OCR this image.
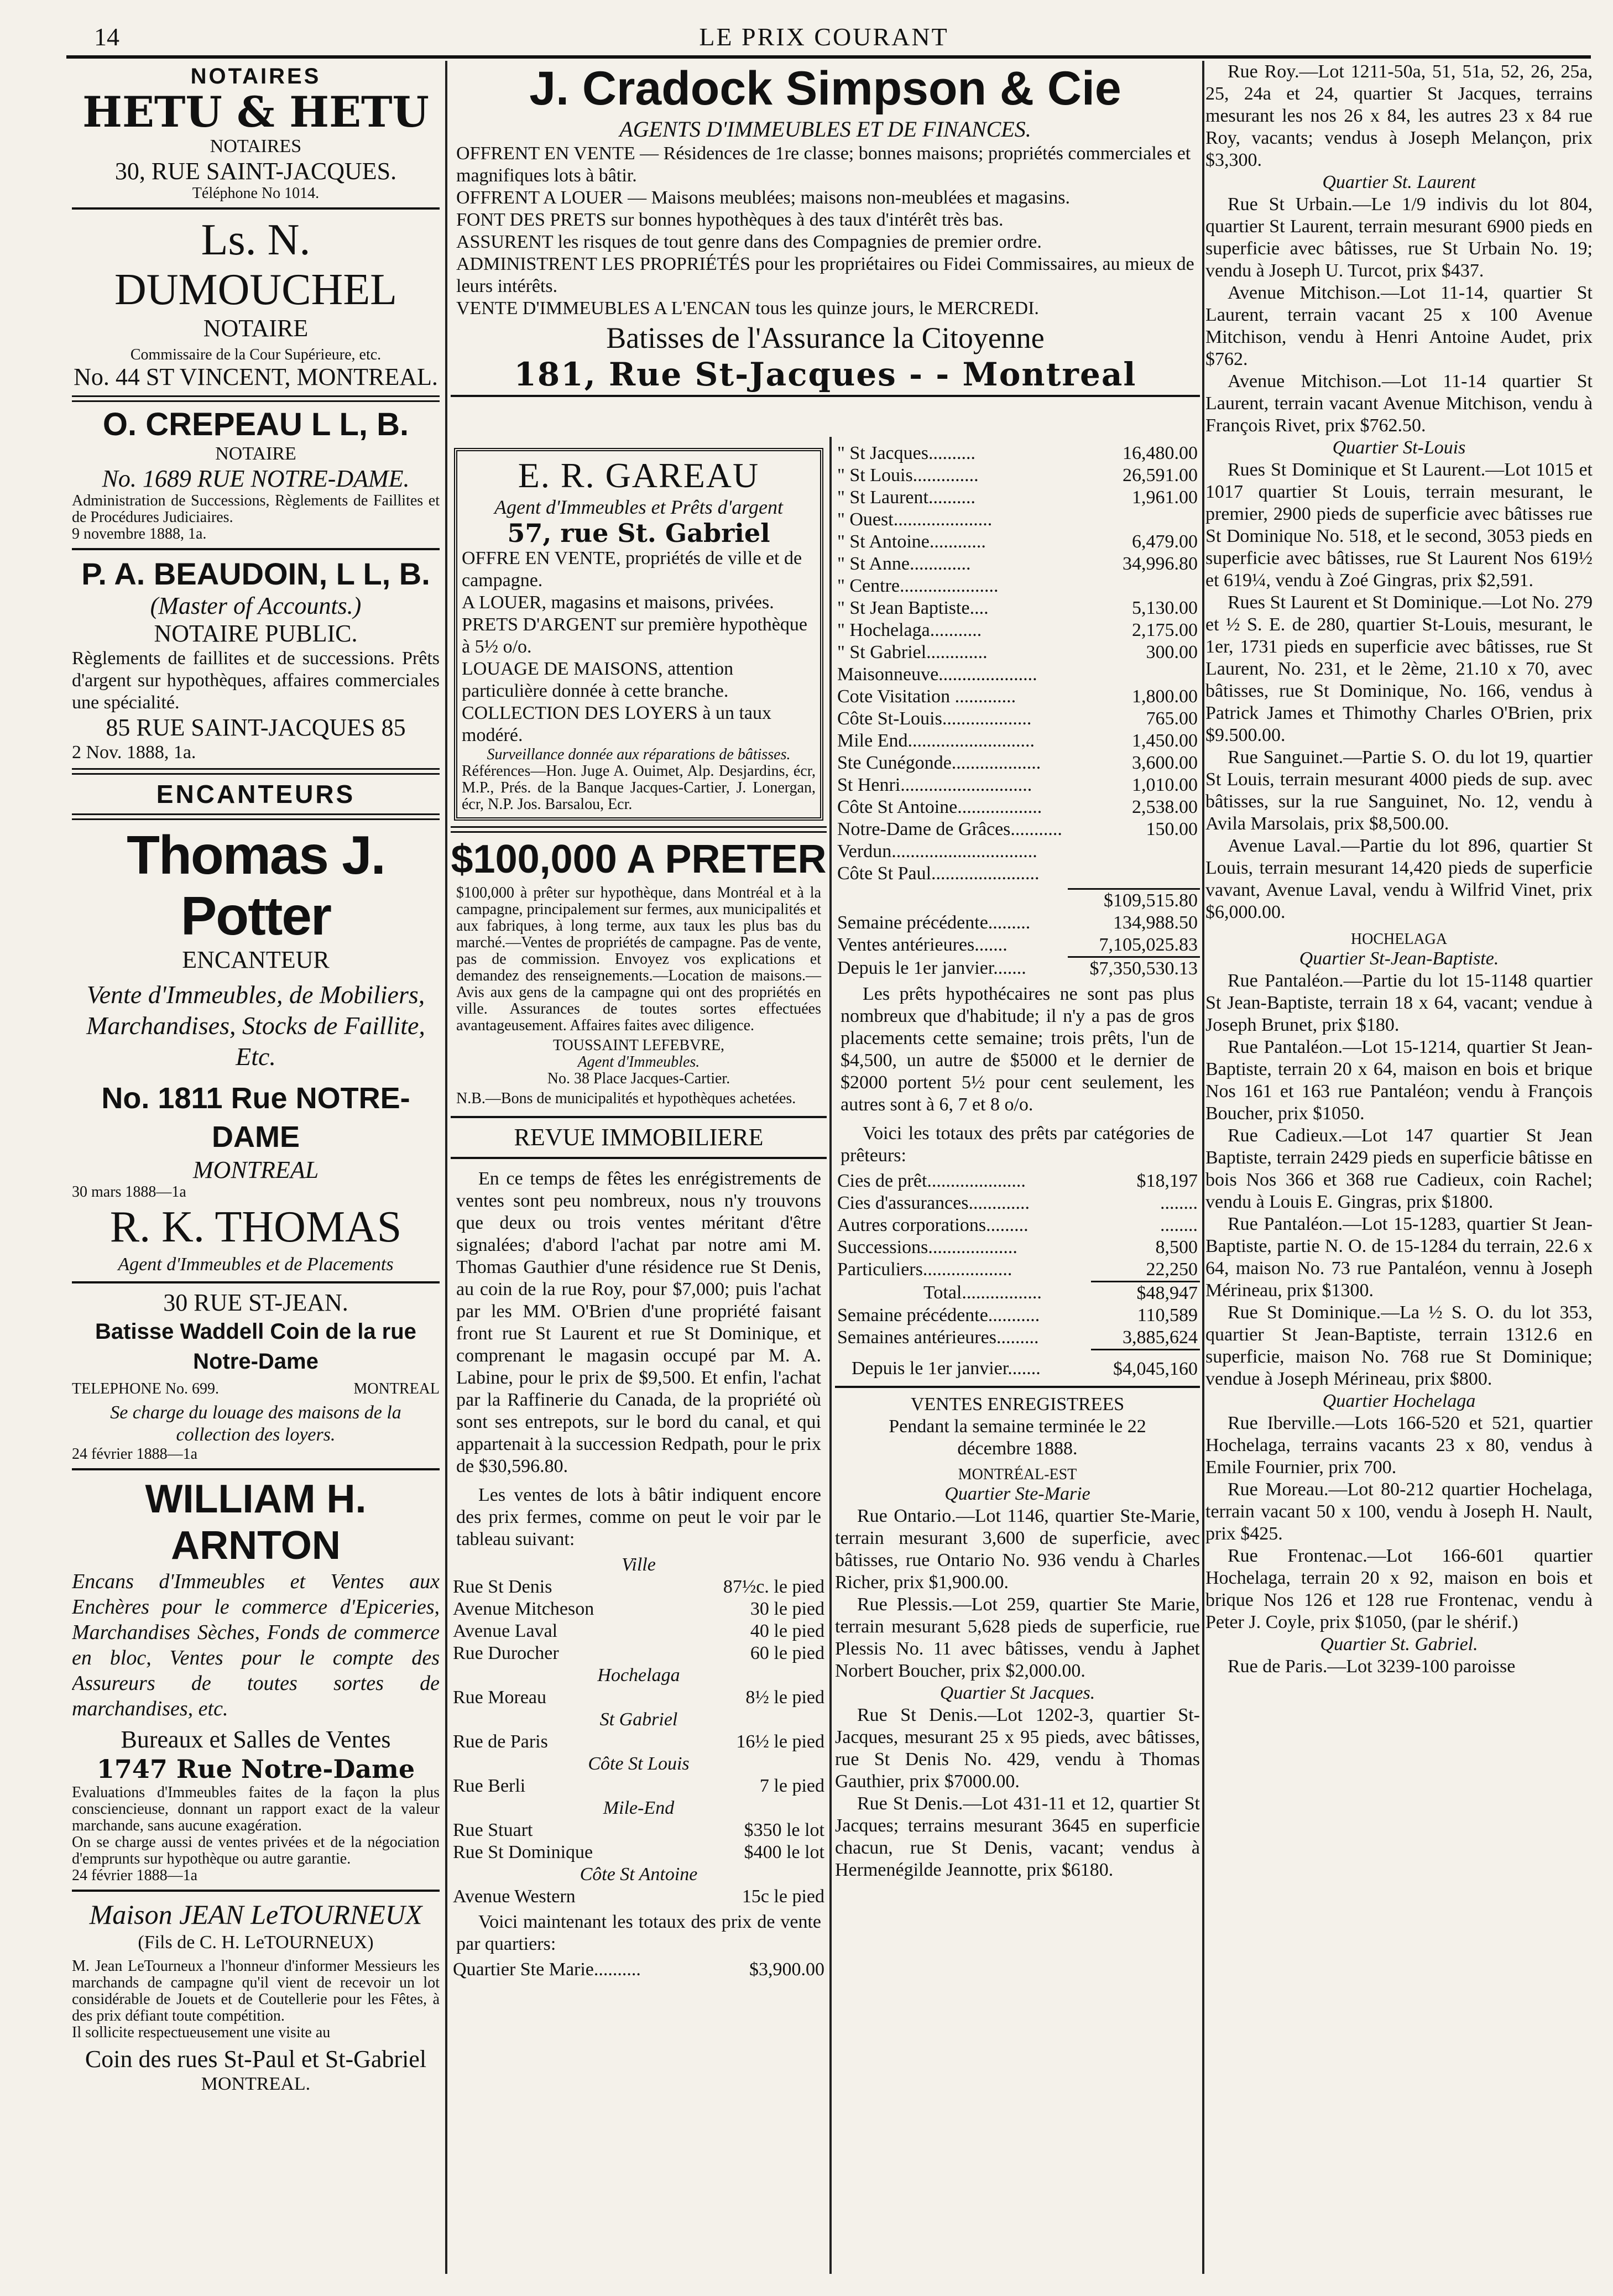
14	LE PRIX COURANT
NOTAIRES
HETU & HETU
NOTAIRES
30, RUE SAINT-JACQUES.
Téléphone No 1014.
Ls. N. DUMOUCHEL
NOTAIRE
Commissaire de la Cour Supérieure, etc.
No. 44 ST VINCENT, MONTREAL.
O. CREPEAU L L, B.
NOTAIRE
No. 1689 RUE NOTRE-DAME.
Administration de Successions, Règlements de Faillites et de Procédures Judiciaires.
9 novembre 1888, 1a.
P. A. BEAUDOIN, L L, B.
(Master of Accounts.)
NOTAIRE PUBLIC.
Règlements de faillites et de successions. Prêts d'argent sur hypothèques, affaires commerciales une spécialité.
85 RUE SAINT-JACQUES 85
2 Nov. 1888, 1a.
ENCANTEURS
Thomas J. Potter
ENCANTEUR
Vente d'Immeubles, de Mobiliers, Marchandises, Stocks de Faillite, Etc.
No. 1811 Rue NOTRE-DAME
MONTREAL
30 mars 1888—1a
R. K. THOMAS
Agent d'Immeubles et de Placements
30 RUE ST-JEAN.
Batisse Waddell Coin de la rue Notre-Dame
TELEPHONE No. 699.	MONTREAL
Se charge du louage des maisons de la collection des loyers.
24 février 1888—1a
WILLIAM H. ARNTON
Encans d'Immeubles et Ventes aux Enchères pour le commerce d'Epiceries, Marchandises Sèches, Fonds de commerce en bloc, Ventes pour le compte des Assureurs de toutes sortes de marchandises, etc.
Bureaux et Salles de Ventes
1747 Rue Notre-Dame
Evaluations d'Immeubles faites de la façon la plus consciencieuse, donnant un rapport exact de la valeur marchande, sans aucune exagération.
On se charge aussi de ventes privées et de la négociation d'emprunts sur hypothèque ou autre garantie.
24 février 1888—1a
Maison JEAN LeTOURNEUX
(Fils de C. H. LeTOURNEUX)
M. Jean LeTourneux a l'honneur d'informer Messieurs les marchands de campagne qu'il vient de recevoir un lot considérable de Jouets et de Coutellerie pour les Fêtes, à des prix défiant toute compétition.
Il sollicite respectueusement une visite au
Coin des rues St-Paul et St-Gabriel
MONTREAL.
J. Cradock Simpson & Cie
AGENTS D'IMMEUBLES ET DE FINANCES.
OFFRENT EN VENTE — Résidences de 1re classe; bonnes maisons; propriétés commerciales et magnifiques lots à bâtir.
OFFRENT A LOUER — Maisons meublées; maisons non-meublées et magasins.
FONT DES PRETS sur bonnes hypothèques à des taux d'intérêt très bas.
ASSURENT les risques de tout genre dans des Compagnies de premier ordre.
ADMINISTRENT LES PROPRIÉTÉS pour les propriétaires ou Fidei Commissaires, au mieux de leurs intérêts.
VENTE D'IMMEUBLES A L'ENCAN tous les quinze jours, le MERCREDI.
Batisses de l'Assurance la Citoyenne
181, Rue St-Jacques - - Montreal
E. R. GAREAU
Agent d'Immeubles et Prêts d'argent
57, rue St. Gabriel
OFFRE EN VENTE, propriétés de ville et de campagne.
A LOUER, magasins et maisons, privées.
PRETS D'ARGENT sur première hypothèque à 5½ o/o.
LOUAGE DE MAISONS, attention particulière donnée à cette branche.
COLLECTION DES LOYERS à un taux modéré.
Surveillance donnée aux réparations de bâtisses.
Références—Hon. Juge A. Ouimet, Alp. Desjardins, écr, M.P., Prés. de la Banque Jacques-Cartier, J. Lonergan, écr, N.P. Jos. Barsalou, Ecr.
$100,000 A PRETER
$100,000 à prêter sur hypothèque, dans Montréal et à la campagne, principalement sur fermes, aux municipalités et aux fabriques, à long terme, aux taux les plus bas du marché.—Ventes de propriétés de campagne. Pas de vente, pas de commission. Envoyez vos explications et demandez des renseignements.—Location de maisons.—Avis aux gens de la campagne qui ont des propriétés en ville. Assurances de toutes sortes effectuées avantageusement. Affaires faites avec diligence.
TOUSSAINT LEFEBVRE,
Agent d'Immeubles.
No. 38 Place Jacques-Cartier.
N.B.—Bons de municipalités et hypothèques achetées.
REVUE IMMOBILIERE
En ce temps de fêtes les enrégistrements de ventes sont peu nombreux, nous n'y trouvons que deux ou trois ventes méritant d'être signalées; d'abord l'achat par notre ami M. Thomas Gauthier d'une résidence rue St Denis, au coin de la rue Roy, pour $7,000; puis l'achat par les MM. O'Brien d'une propriété faisant front rue St Laurent et rue St Dominique, et comprenant le magasin occupé par M. A. Labine, pour le prix de $9,500. Et enfin, l'achat par la Raffinerie du Canada, de la propriété où sont ses entrepots, sur le bord du canal, et qui appartenait à la succession Redpath, pour le prix de $30,596.80.
Les ventes de lots à bâtir indiquent encore des prix fermes, comme on peut le voir par le tableau suivant:
Ville	
Rue St Denis	87½c. le pied
Avenue Mitcheson	30 le pied
Avenue Laval	40 le pied
Rue Durocher	60 le pied
Hochelaga	
Rue Moreau	8½ le pied
St Gabriel	
Rue de Paris	16½ le pied
Côte St Louis	
Rue Berli	7 le pied
Mile-End	
Rue Stuart	$350 le lot
Rue St Dominique	$400 le lot
Côte St Antoine	
Avenue Western	15c le pied
Voici maintenant les totaux des prix de vente par quartiers:
Quartier Ste Marie..........	$3,900.00
" St Jacques..........	16,480.00
" St Louis..............	26,591.00
" St Laurent..........	1,961.00
" Ouest.....................	
" St Antoine............	6,479.00
" St Anne.............	34,996.80
" Centre.....................	
" St Jean Baptiste....	5,130.00
" Hochelaga...........	2,175.00
" St Gabriel.............	300.00
Maisonneuve.....................	
Cote Visitation .............	1,800.00
Côte St-Louis...................	765.00
Mile End...........................	1,450.00
Ste Cunégonde...................	3,600.00
St Henri............................	1,010.00
Côte St Antoine..................	2,538.00
Notre-Dame de Grâces...........	150.00
Verdun...............................	
Côte St Paul.......................	
	$109,515.80
Semaine précédente.........	134,988.50
Ventes antérieures.......	7,105,025.83
Depuis le 1er janvier.......	$7,350,530.13
Les prêts hypothécaires ne sont pas plus nombreux que d'habitude; il n'y a pas de gros placements cette semaine; trois prêts, l'un de $4,500, un autre de $5000 et le dernier de $2000 portent 5½ pour cent seulement, les autres sont à 6, 7 et 8 o/o.
Voici les totaux des prêts par catégories de prêteurs:
Cies de prêt.....................	$18,197
Cies d'assurances.............	........
Autres corporations.........	........
Successions...................	8,500
Particuliers...................	22,250
Total.................	$48,947
Semaine précédente...........	110,589
Semaines antérieures.........	3,885,624
Depuis le 1er janvier.......	$4,045,160
VENTES ENREGISTREES
Pendant la semaine terminée le 22 décembre 1888.
MONTRÉAL-EST
Quartier Ste-Marie
Rue Ontario.—Lot 1146, quartier Ste-Marie, terrain mesurant 3,600 de superficie, avec bâtisses, rue Ontario No. 936 vendu à Charles Richer, prix $1,900.00.
Rue Plessis.—Lot 259, quartier Ste Marie, terrain mesurant 5,628 pieds de superficie, rue Plessis No. 11 avec bâtisses, vendu à Japhet Norbert Boucher, prix $2,000.00.
Quartier St Jacques.
Rue St Denis.—Lot 1202-3, quartier St-Jacques, mesurant 25 x 95 pieds, avec bâtisses, rue St Denis No. 429, vendu à Thomas Gauthier, prix $7000.00.
Rue St Denis.—Lot 431-11 et 12, quartier St Jacques; terrains mesurant 3645 en superficie chacun, rue St Denis, vacant; vendus à Hermenégilde Jeannotte, prix $6180.
Rue Roy.—Lot 1211-50a, 51, 51a, 52, 26, 25a, 25, 24a et 24, quartier St Jacques, terrains mesurant les nos 26 x 84, les autres 23 x 84 rue Roy, vacants; vendus à Joseph Melançon, prix $3,300.
Quartier St. Laurent
Rue St Urbain.—Le 1/9 indivis du lot 804, quartier St Laurent, terrain mesurant 6900 pieds en superficie avec bâtisses, rue St Urbain No. 19; vendu à Joseph U. Turcot, prix $437.
Avenue Mitchison.—Lot 11-14, quartier St Laurent, terrain vacant 25 x 100 Avenue Mitchison, vendu à Henri Antoine Audet, prix $762.
Avenue Mitchison.—Lot 11-14 quartier St Laurent, terrain vacant Avenue Mitchison, vendu à François Rivet, prix $762.50.
Quartier St-Louis
Rues St Dominique et St Laurent.—Lot 1015 et 1017 quartier St Louis, terrain mesurant, le premier, 2900 pieds de superficie avec bâtisses rue St Dominique No. 518, et le second, 3053 pieds en superficie avec bâtisses, rue St Laurent Nos 619½ et 619¼, vendu à Zoé Gingras, prix $2,591.
Rues St Laurent et St Dominique.—Lot No. 279 et ½ S. E. de 280, quartier St-Louis, mesurant, le 1er, 1731 pieds en superficie avec bâtisses, rue St Laurent, No. 231, et le 2ème, 21.10 x 70, avec bâtisses, rue St Dominique, No. 166, vendus à Patrick James et Thimothy Charles O'Brien, prix $9.500.00.
Rue Sanguinet.—Partie S. O. du lot 19, quartier St Louis, terrain mesurant 4000 pieds de sup. avec bâtisses, sur la rue Sanguinet, No. 12, vendu à Avila Marsolais, prix $8,500.00.
Avenue Laval.—Partie du lot 896, quartier St Louis, terrain mesurant 14,420 pieds de superficie vavant, Avenue Laval, vendu à Wilfrid Vinet, prix $6,000.00.
HOCHELAGA
Quartier St-Jean-Baptiste.
Rue Pantaléon.—Partie du lot 15-1148 quartier St Jean-Baptiste, terrain 18 x 64, vacant; vendue à Joseph Brunet, prix $180.
Rue Pantaléon.—Lot 15-1214, quartier St Jean-Baptiste, terrain 20 x 64, maison en bois et brique Nos 161 et 163 rue Pantaléon; vendu à François Boucher, prix $1050.
Rue Cadieux.—Lot 147 quartier St Jean Baptiste, terrain 2429 pieds en superficie bâtisse en bois Nos 366 et 368 rue Cadieux, coin Rachel; vendu à Louis E. Gingras, prix $1800.
Rue Pantaléon.—Lot 15-1283, quartier St Jean-Baptiste, partie N. O. de 15-1284 du terrain, 22.6 x 64, maison No. 73 rue Pantaléon, vennu à Joseph Mérineau, prix $1300.
Rue St Dominique.—La ½ S. O. du lot 353, quartier St Jean-Baptiste, terrain 1312.6 en superficie, maison No. 768 rue St Dominique; vendue à Joseph Mérineau, prix $800.
Quartier Hochelaga
Rue Iberville.—Lots 166-520 et 521, quartier Hochelaga, terrains vacants 23 x 80, vendus à Emile Fournier, prix 700.
Rue Moreau.—Lot 80-212 quartier Hochelaga, terrain vacant 50 x 100, vendu à Joseph H. Nault, prix $425.
Rue Frontenac.—Lot 166-601 quartier Hochelaga, terrain 20 x 92, maison en bois et brique Nos 126 et 128 rue Frontenac, vendu à Peter J. Coyle, prix $1050, (par le shérif.)
Quartier St. Gabriel.
Rue de Paris.—Lot 3239-100 paroisse
